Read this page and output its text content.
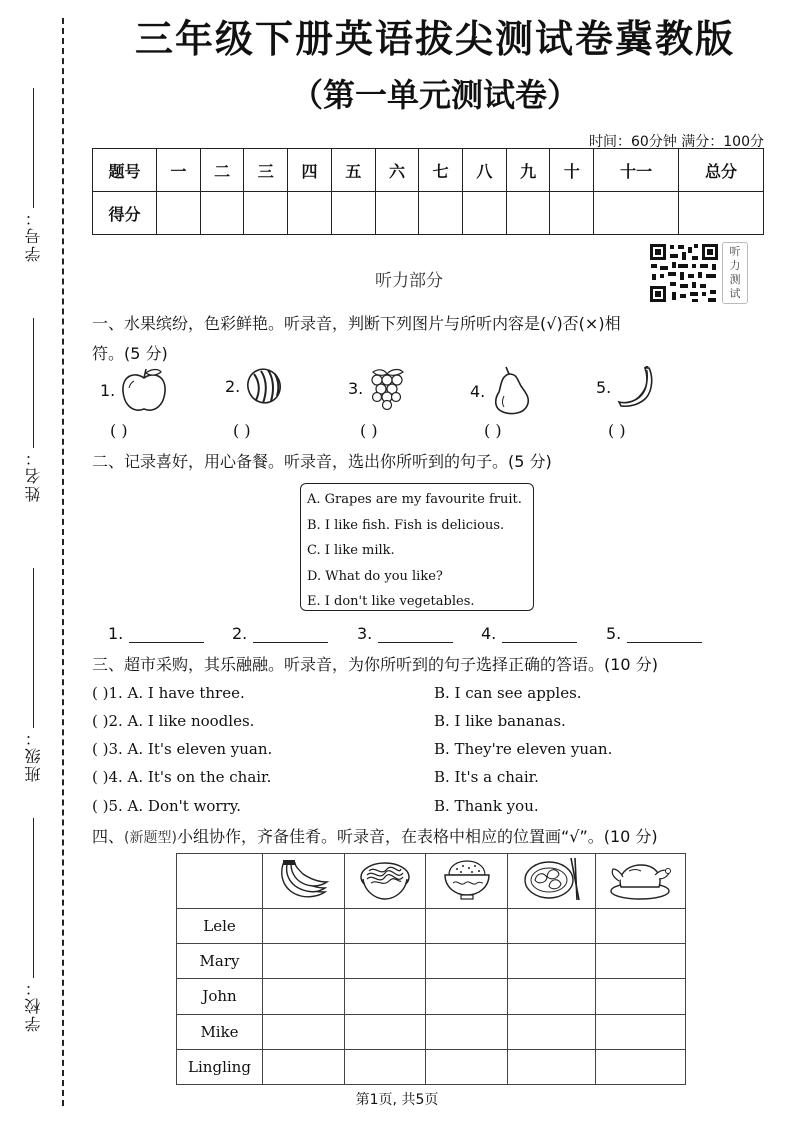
学号：
姓名：
班级：
学校：
三年级下册英语拔尖测试卷冀教版
（第一单元测试卷）
时间：60分钟 满分：100分
题号	一	二	三	四	五	六	七	八	九	十	十一	总分
得分												
听
力
测
试
听力部分
一、水果缤纷，色彩鲜艳。听录音，判断下列图片与所听内容是(√)否(×)相
符。(5 分)
1.	2.	3.	4.	5.
( )	( )	( )	( )	( )
二、记录喜好，用心备餐。听录音，选出你所听到的句子。(5 分)
A. Grapes are my favourite fruit.
B. I like fish. Fish is delicious.
C. I like milk.
D. What do you like?
E. I don't like vegetables.
1.	2.	3.	4.	5.
三、超市采购，其乐融融。听录音，为你所听到的句子选择正确的答语。(10 分)
( )1. A. I have three.	B. I can see apples.
( )2. A. I like noodles.	B. I like bananas.
( )3. A. It's eleven yuan.	B. They're eleven yuan.
( )4. A. It's on the chair.	B. It's a chair.
( )5. A. Don't worry.	B. Thank you.
四、(新题型)小组协作，齐备佳肴。听录音，在表格中相应的位置画“√”。(10 分)

Lele					
Mary					
John					
Mike					
Lingling					
第1页, 共5页
